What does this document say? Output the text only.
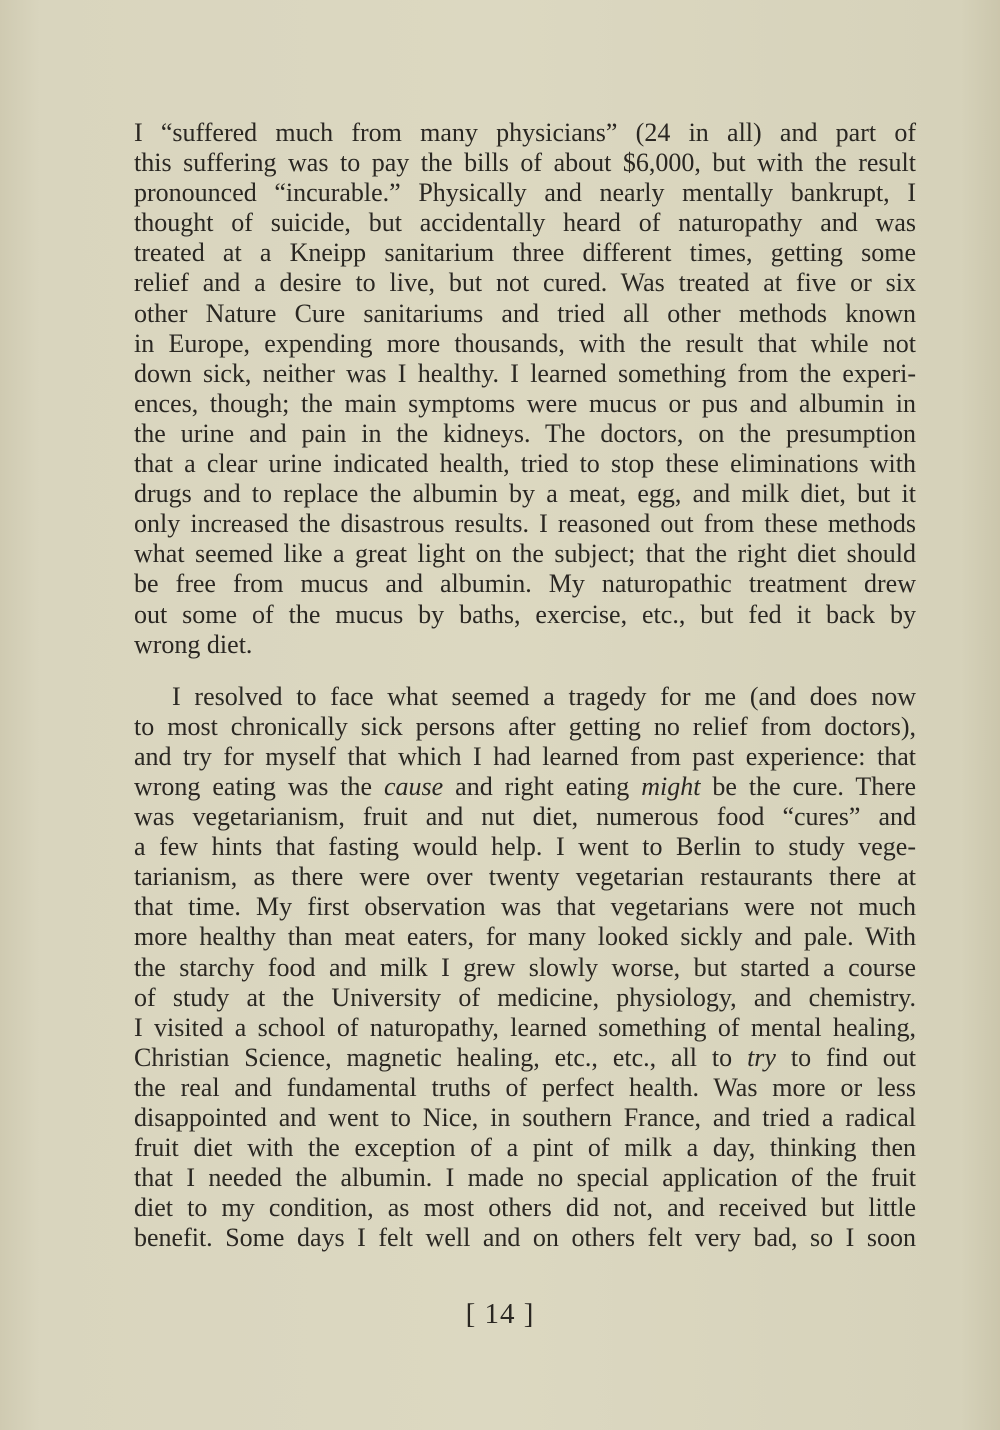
I “suffered much from many physicians” (24 in all) and part of
this suffering was to pay the bills of about $6,000, but with the result
pronounced “incurable.” Physically and nearly mentally bankrupt, I
thought of suicide, but accidentally heard of naturopathy and was
treated at a Kneipp sanitarium three different times, getting some
relief and a desire to live, but not cured. Was treated at five or six
other Nature Cure sanitariums and tried all other methods known
in Europe, expending more thousands, with the result that while not
down sick, neither was I healthy. I learned something from the experi-
ences, though; the main symptoms were mucus or pus and albumin in
the urine and pain in the kidneys. The doctors, on the presumption
that a clear urine indicated health, tried to stop these eliminations with
drugs and to replace the albumin by a meat, egg, and milk diet, but it
only increased the disastrous results. I reasoned out from these methods
what seemed like a great light on the subject; that the right diet should
be free from mucus and albumin. My naturopathic treatment drew
out some of the mucus by baths, exercise, etc., but fed it back by
wrong diet.
I resolved to face what seemed a tragedy for me (and does now
to most chronically sick persons after getting no relief from doctors),
and try for myself that which I had learned from past experience: that
wrong eating was the cause and right eating might be the cure. There
was vegetarianism, fruit and nut diet, numerous food “cures” and
a few hints that fasting would help. I went to Berlin to study vege-
tarianism, as there were over twenty vegetarian restaurants there at
that time. My first observation was that vegetarians were not much
more healthy than meat eaters, for many looked sickly and pale. With
the starchy food and milk I grew slowly worse, but started a course
of study at the University of medicine, physiology, and chemistry.
I visited a school of naturopathy, learned something of mental healing,
Christian Science, magnetic healing, etc., etc., all to try to find out
the real and fundamental truths of perfect health. Was more or less
disappointed and went to Nice, in southern France, and tried a radical
fruit diet with the exception of a pint of milk a day, thinking then
that I needed the albumin. I made no special application of the fruit
diet to my condition, as most others did not, and received but little
benefit. Some days I felt well and on others felt very bad, so I soon
[ 14 ]
